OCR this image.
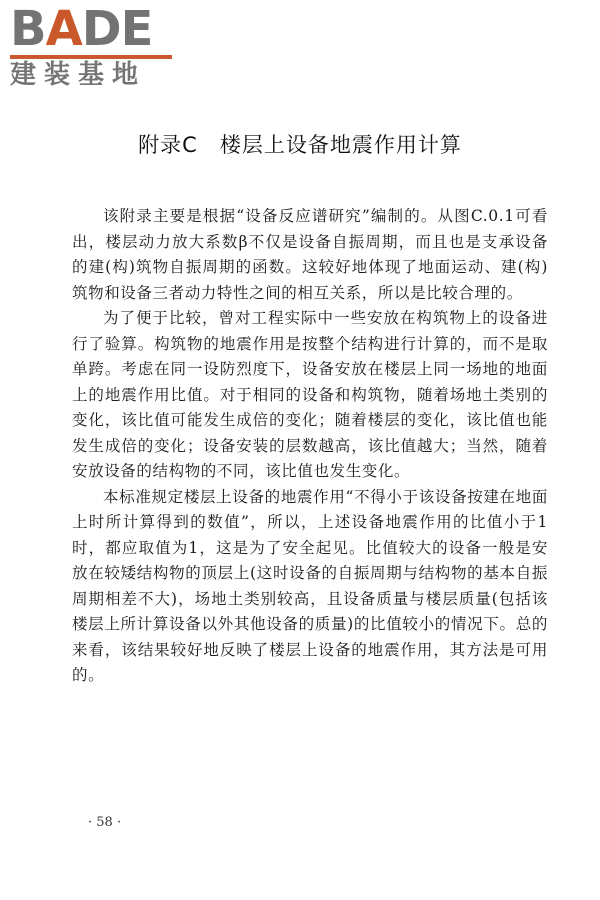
BADE
建装基地
附录C　楼层上设备地震作用计算

该附录主要是根据“设备反应谱研究”编制的。从图C.0.1可看出，楼层动力放大系数β不仅是设备自振周期，而且也是支承设备的建(构)筑物自振周期的函数。这较好地体现了地面运动、建(构)筑物和设备三者动力特性之间的相互关系，所以是比较合理的。

为了便于比较，曾对工程实际中一些安放在构筑物上的设备进行了验算。构筑物的地震作用是按整个结构进行计算的，而不是取单跨。考虑在同一设防烈度下，设备安放在楼层上同一场地的地面上的地震作用比值。对于相同的设备和构筑物，随着场地土类别的变化，该比值可能发生成倍的变化；随着楼层的变化，该比值也能发生成倍的变化；设备安装的层数越高，该比值越大；当然，随着安放设备的结构物的不同，该比值也发生变化。

本标准规定楼层上设备的地震作用“不得小于该设备按建在地面上时所计算得到的数值”，所以，上述设备地震作用的比值小于1时，都应取值为1，这是为了安全起见。比值较大的设备一般是安放在较矮结构物的顶层上(这时设备的自振周期与结构物的基本自振周期相差不大)，场地土类别较高，且设备质量与楼层质量(包括该楼层上所计算设备以外其他设备的质量)的比值较小的情况下。总的来看，该结果较好地反映了楼层上设备的地震作用，其方法是可用的。

· 58 ·
